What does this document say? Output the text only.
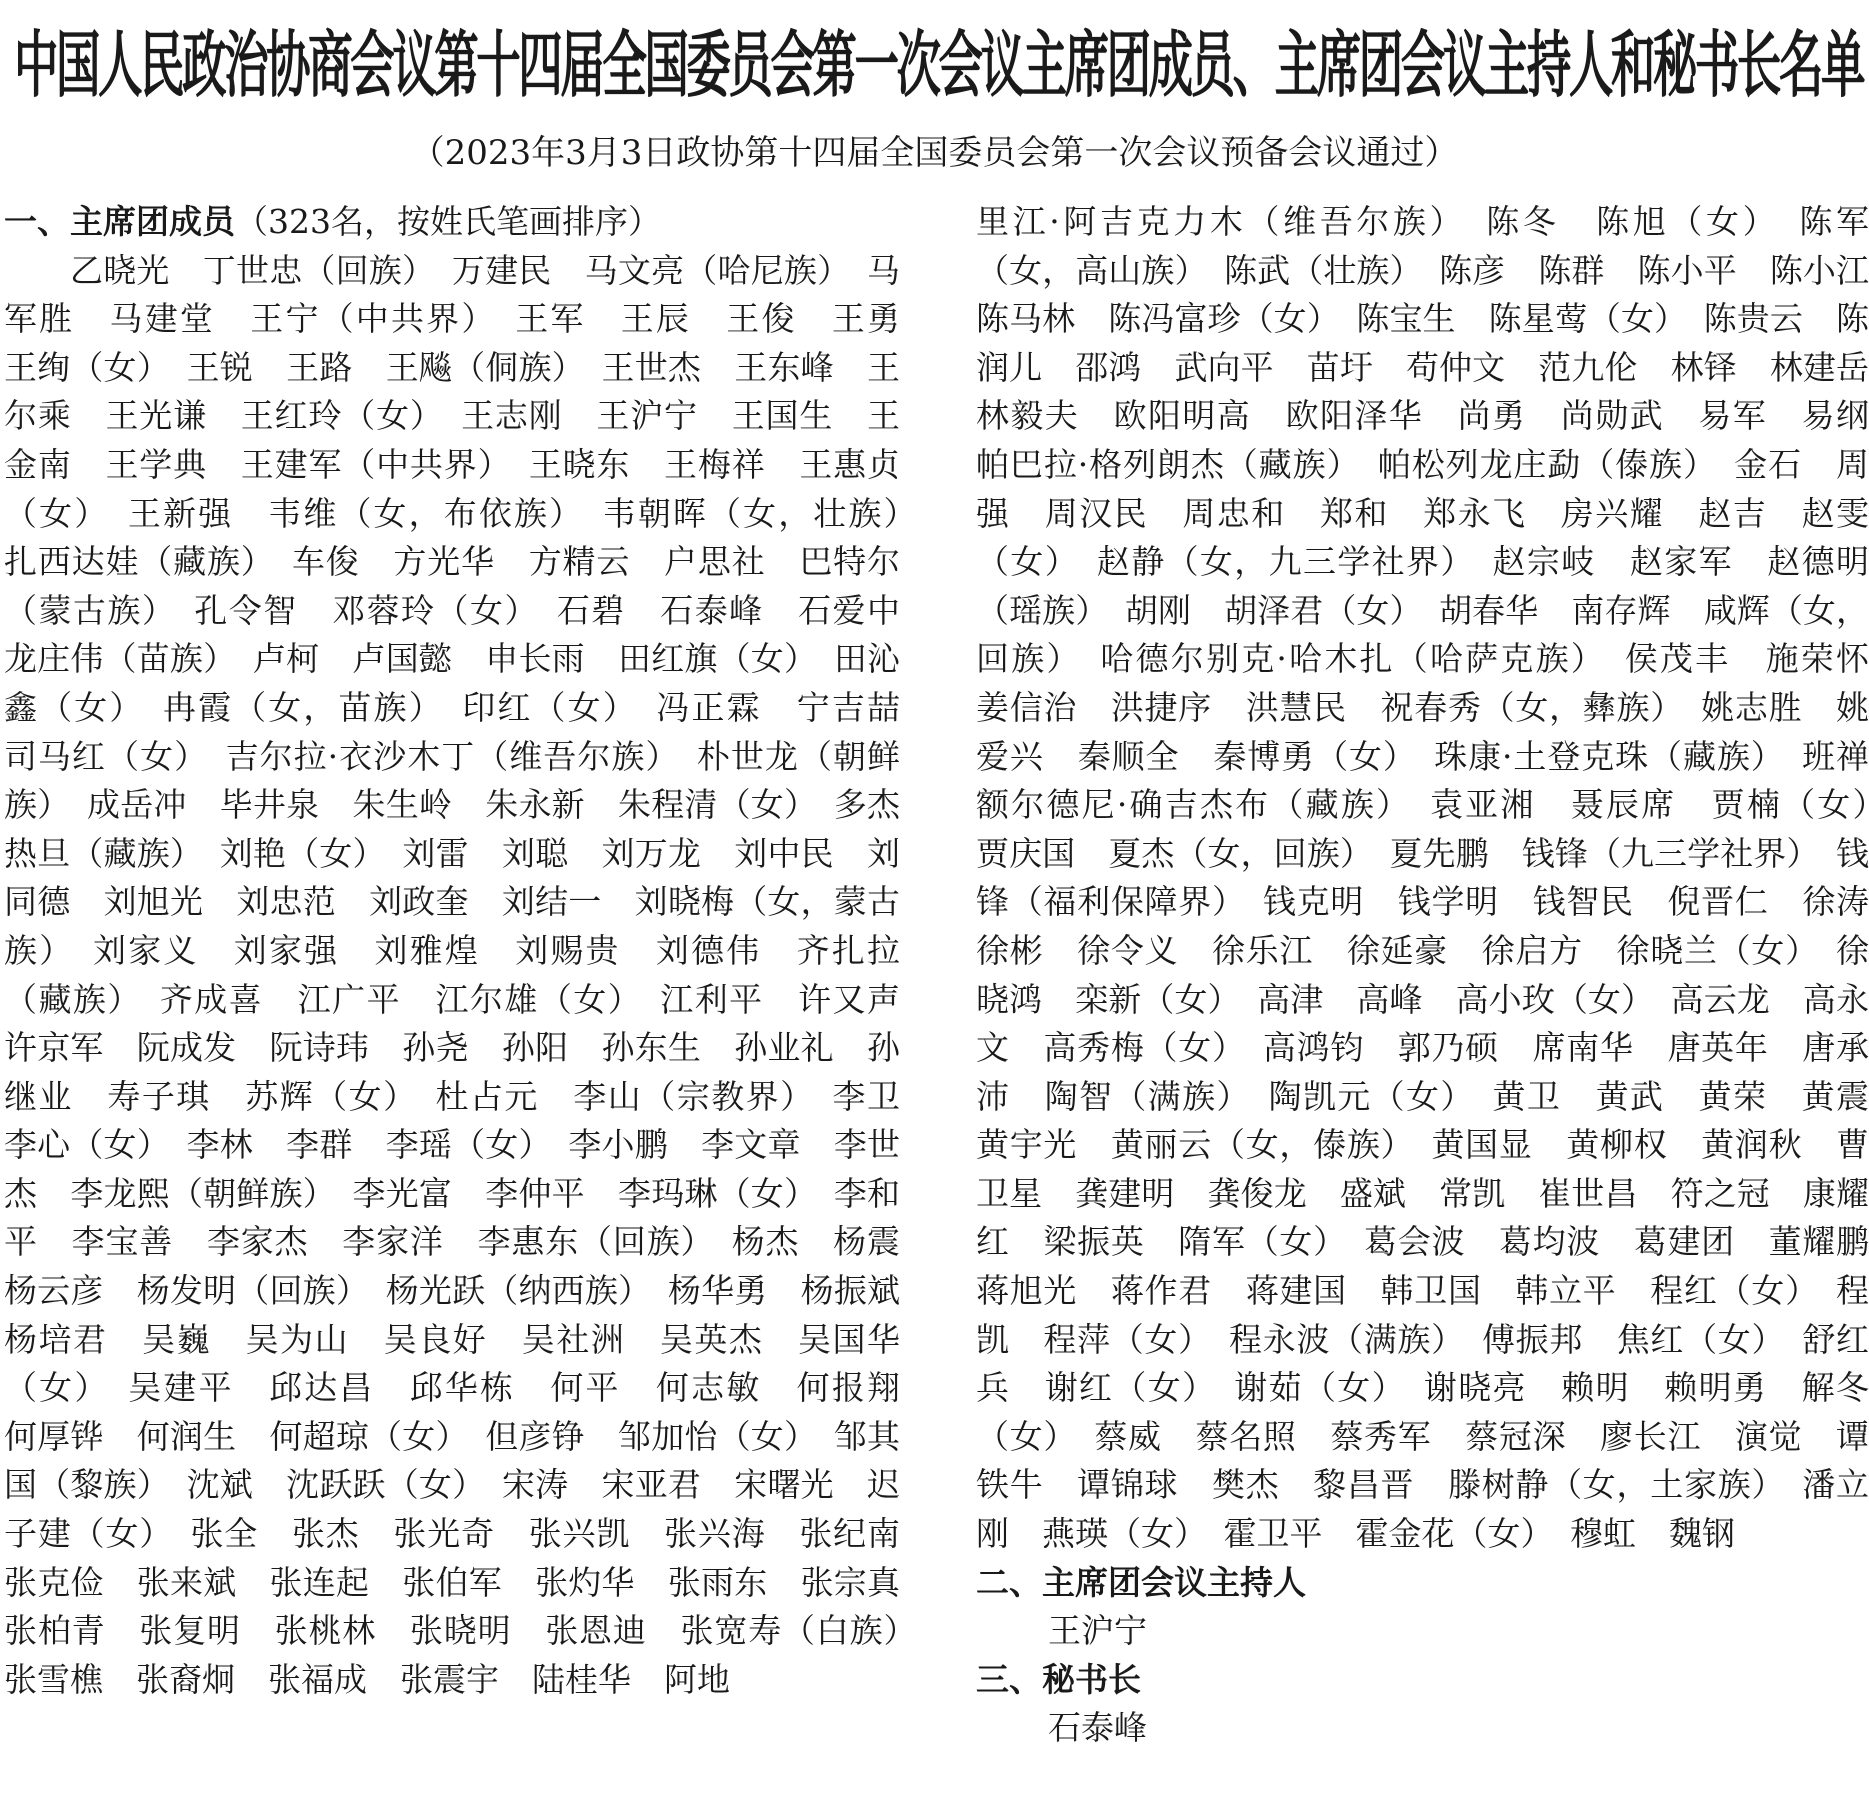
中国人民政治协商会议第十四届全国委员会第一次会议主席团成员、主席团会议主持人和秘书长名单
（2023年3月3日政协第十四届全国委员会第一次会议预备会议通过）
一、主席团成员（323名，按姓氏笔画排序）
乙晓光　丁世忠（回族）　万建民　马文亮（哈尼族）　马军胜　马建堂　王宁（中共界）　王军　王辰　王俊　王勇　王绚（女）　王锐　王路　王飚（侗族）　王世杰　王东峰　王尔乘　王光谦　王红玲（女）　王志刚　王沪宁　王国生　王金南　王学典　王建军（中共界）　王晓东　王梅祥　王惠贞（女）　王新强　韦维（女，布依族）　韦朝晖（女，壮族）　扎西达娃（藏族）　车俊　方光华　方精云　户思社　巴特尔（蒙古族）　孔令智　邓蓉玲（女）　石碧　石泰峰　石爱中　龙庄伟（苗族）　卢柯　卢国懿　申长雨　田红旗（女）　田沁鑫（女）　冉霞（女，苗族）　印红（女）　冯正霖　宁吉喆　司马红（女）　吉尔拉·衣沙木丁（维吾尔族）　朴世龙（朝鲜族）　成岳冲　毕井泉　朱生岭　朱永新　朱程清（女）　多杰热旦（藏族）　刘艳（女）　刘雷　刘聪　刘万龙　刘中民　刘同德　刘旭光　刘忠范　刘政奎　刘结一　刘晓梅（女，蒙古族）　刘家义　刘家强　刘雅煌　刘赐贵　刘德伟　齐扎拉（藏族）　齐成喜　江广平　江尔雄（女）　江利平　许又声　许京军　阮成发　阮诗玮　孙尧　孙阳　孙东生　孙业礼　孙继业　寿子琪　苏辉（女）　杜占元　李山（宗教界）　李卫　李心（女）　李林　李群　李瑶（女）　李小鹏　李文章　李世杰　李龙熙（朝鲜族）　李光富　李仲平　李玛琳（女）　李和平　李宝善　李家杰　李家洋　李惠东（回族）　杨杰　杨震　杨云彦　杨发明（回族）　杨光跃（纳西族）　杨华勇　杨振斌　杨培君　吴巍　吴为山　吴良好　吴社洲　吴英杰　吴国华（女）　吴建平　邱达昌　邱华栋　何平　何志敏　何报翔　何厚铧　何润生　何超琼（女）　但彦铮　邹加怡（女）　邹其国（黎族）　沈斌　沈跃跃（女）　宋涛　宋亚君　宋曙光　迟子建（女）　张全　张杰　张光奇　张兴凯　张兴海　张纪南　张克俭　张来斌　张连起　张伯军　张灼华　张雨东　张宗真　张柏青　张复明　张桃林　张晓明　张恩迪　张宽寿（白族）　张雪樵　张裔炯　张福成　张震宇　陆桂华　阿地
里江·阿吉克力木（维吾尔族）　陈冬　陈旭（女）　陈军（女，高山族）　陈武（壮族）　陈彦　陈群　陈小平　陈小江　陈马林　陈冯富珍（女）　陈宝生　陈星莺（女）　陈贵云　陈润儿　邵鸿　武向平　苗圩　苟仲文　范九伦　林铎　林建岳　林毅夫　欧阳明高　欧阳泽华　尚勇　尚勋武　易军　易纲　帕巴拉·格列朗杰（藏族）　帕松列龙庄勐（傣族）　金石　周强　周汉民　周忠和　郑和　郑永飞　房兴耀　赵吉　赵雯（女）　赵静（女，九三学社界）　赵宗岐　赵家军　赵德明（瑶族）　胡刚　胡泽君（女）　胡春华　南存辉　咸辉（女，回族）　哈德尔别克·哈木扎（哈萨克族）　侯茂丰　施荣怀　姜信治　洪捷序　洪慧民　祝春秀（女，彝族）　姚志胜　姚爱兴　秦顺全　秦博勇（女）　珠康·土登克珠（藏族）　班禅额尔德尼·确吉杰布（藏族）　袁亚湘　聂辰席　贾楠（女）　贾庆国　夏杰（女，回族）　夏先鹏　钱锋（九三学社界）　钱锋（福利保障界）　钱克明　钱学明　钱智民　倪晋仁　徐涛　徐彬　徐令义　徐乐江　徐延豪　徐启方　徐晓兰（女）　徐晓鸿　栾新（女）　高津　高峰　高小玫（女）　高云龙　高永文　高秀梅（女）　高鸿钧　郭乃硕　席南华　唐英年　唐承沛　陶智（满族）　陶凯元（女）　黄卫　黄武　黄荣　黄震　黄宇光　黄丽云（女，傣族）　黄国显　黄柳权　黄润秋　曹卫星　龚建明　龚俊龙　盛斌　常凯　崔世昌　符之冠　康耀红　梁振英　隋军（女）　葛会波　葛均波　葛建团　董耀鹏　蒋旭光　蒋作君　蒋建国　韩卫国　韩立平　程红（女）　程凯　程萍（女）　程永波（满族）　傅振邦　焦红（女）　舒红兵　谢红（女）　谢茹（女）　谢晓亮　赖明　赖明勇　解冬（女）　蔡威　蔡名照　蔡秀军　蔡冠深　廖长江　演觉　谭铁牛　谭锦球　樊杰　黎昌晋　滕树静（女，土家族）　潘立刚　燕瑛（女）　霍卫平　霍金花（女）　穆虹　魏钢
二、主席团会议主持人
王沪宁
三、秘书长
石泰峰
